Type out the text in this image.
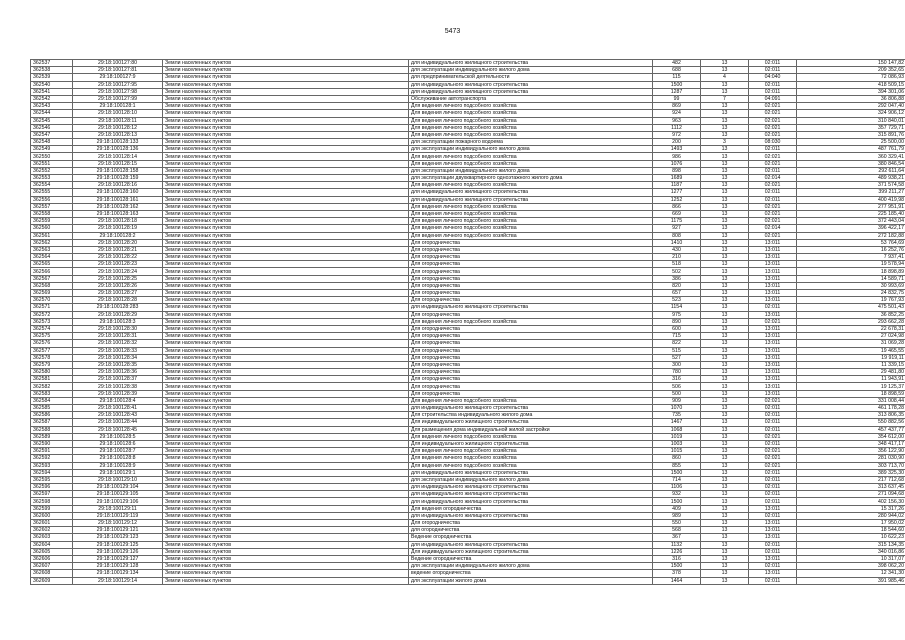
5473
362537	29:18:100127:80	Земли населенных пунктов	для индивидуального жилищного строительства	482	13	02:011	150 147,82
362538	29:18:100127:81	Земли населенных пунктов	для эксплуатации индивидуального жилого дома	688	13	02:011	209 352,65
362539	29:18:100127:9	Земли населенных пунктов	для предпринимательской деятельности	115	4	04:040	72 086,93
362540	29:18:100127:95	Земли населенных пунктов	для индивидуального жилищного строительства	1500	13	02:011	418 509,15
362541	29:18:100127:98	Земли населенных пунктов	для индивидуального жилищного строительства	1287	13	02:011	394 301,06
362542	29:18:100127:99	Земли населенных пунктов	Обслуживание автотранспорта	99	7	04:091	36 806,88
362543	29:18:100128:1	Земли населенных пунктов	Для ведения личного подсобного хозяйства	869	13	02:021	292 047,40
362544	29:18:100128:10	Земли населенных пунктов	Для ведения личного подсобного хозяйства	924	13	02:021	324 906,12
362545	29:18:100128:11	Земли населенных пунктов	Для ведения личного подсобного хозяйства	963	13	02:021	310 840,01
362546	29:18:100128:12	Земли населенных пунктов	Для ведения личного подсобного хозяйства	1112	13	02:021	357 729,71
362547	29:18:100128:13	Земли населенных пунктов	Для ведения личного подсобного хозяйства	972	13	02:021	315 891,76
362548	29:18:100128:133	Земли населенных пунктов	для эксплуатации пожарного водоема	200	3	08:030	25 500,00
362549	29:18:100128:136	Земли населенных пунктов	для эксплуатации индивидуального жилого дома	1493	13	02:011	487 761,79
362550	29:18:100128:14	Земли населенных пунктов	Для ведения личного подсобного хозяйства	986	13	02:021	360 329,41
362551	29:18:100128:15	Земли населенных пунктов	Для ведения личного подсобного хозяйства	1076	13	02:021	380 846,54
362552	29:18:100128:158	Земли населенных пунктов	для эксплуатации индивидуального жилого дома	898	13	02:011	292 611,64
362553	29:18:100128:159	Земли населенных пунктов	для эксплуатации двухквартирного одноэтажного жилого дома	1689	13	02:014	489 938,21
362554	29:18:100128:16	Земли населенных пунктов	Для ведения личного подсобного хозяйства	1187	13	02:021	371 574,58
362555	29:18:100128:160	Земли населенных пунктов	для индивидуального жилищного строительства	1277	13	02:011	399 211,27
362556	29:18:100128:161	Земли населенных пунктов	для индивидуального жилищного строительства	1252	13	02:011	400 419,98
362557	29:18:100128:162	Земли населенных пунктов	Для ведения личного подсобного хозяйства	866	13	02:021	277 951,91
362558	29:18:100128:163	Земли населенных пунктов	Для ведения личного подсобного хозяйства	669	13	02:021	225 185,40
362559	29:18:100128:18	Земли населенных пунктов	Для ведения личного подсобного хозяйства	1175	13	02:021	372 443,04
362560	29:18:100128:19	Земли населенных пунктов	Для ведения личного подсобного хозяйства	927	13	02:014	396 422,17
362561	29:18:100128:2	Земли населенных пунктов	Для ведения личного подсобного хозяйства	808	13	02:021	272 182,88
362562	29:18:100128:20	Земли населенных пунктов	Для огородничества	1410	13	13:011	53 764,69
362563	29:18:100128:21	Земли населенных пунктов	Для огородничества	430	13	13:011	16 252,76
362564	29:18:100128:22	Земли населенных пунктов	Для огородничества	210	13	13:011	7 937,41
362565	29:18:100128:23	Земли населенных пунктов	Для огородничества	518	13	13:011	19 578,94
362566	29:18:100128:24	Земли населенных пунктов	Для огородничества	502	13	13:011	18 898,89
362567	29:18:100128:25	Земли населенных пунктов	Для огородничества	386	13	13:011	14 589,71
362568	29:18:100128:26	Земли населенных пунктов	Для огородничества	820	13	13:011	30 993,69
362569	29:18:100128:27	Земли населенных пунктов	Для огородничества	657	13	13:011	24 832,75
362570	29:18:100128:28	Земли населенных пунктов	Для огородничества	523	13	13:011	19 767,93
362571	29:18:100128:283	Земли населенных пунктов	для индивидуального жилищного строительства	1154	13	02:011	475 501,43
362572	29:18:100128:29	Земли населенных пунктов	Для огородничества	975	13	13:011	36 852,25
362573	29:18:100128:3	Земли населенных пунктов	Для ведения личного подсобного хозяйства	890	13	02:021	293 662,28
362574	29:18:100128:30	Земли населенных пунктов	Для огородничества	600	13	13:011	22 678,31
362575	29:18:100128:31	Земли населенных пунктов	Для огородничества	715	13	13:011	27 024,98
362576	29:18:100128:32	Земли населенных пунктов	Для огородничества	822	13	13:011	31 069,28
362577	29:18:100128:33	Земли населенных пунктов	Для огородничества	515	13	13:011	19 465,55
362578	29:18:100128:34	Земли населенных пунктов	Для огородничества	527	13	13:011	19 919,11
362579	29:18:100128:35	Земли населенных пунктов	Для огородничества	300	13	13:011	11 339,15
362580	29:18:100128:36	Земли населенных пунктов	Для огородничества	780	13	13:011	29 481,80
362581	29:18:100128:37	Земли населенных пунктов	Для огородничества	316	13	13:011	11 943,91
362582	29:18:100128:38	Земли населенных пунктов	Для огородничества	506	13	13:011	19 125,37
362583	29:18:100128:39	Земли населенных пунктов	Для огородничества	500	13	13:011	18 898,59
362584	29:18:100128:4	Земли населенных пунктов	Для ведения личного подсобного хозяйства	909	13	02:021	331 008,44
362585	29:18:100128:41	Земли населенных пунктов	для индивидуального жилищного строительства	1070	13	02:011	461 178,28
362586	29:18:100128:43	Земли населенных пунктов	Для строительства индивидуального жилого дома	735	13	02:011	313 806,35
362587	29:18:100128:44	Земли населенных пунктов	Для индивидуального жилищного строительства	1467	13	02:011	550 882,56
362588	29:18:100128:45	Земли населенных пунктов	Для размещения дома индивидуальной жилой застройки	1068	13	02:011	457 437,77
362589	29:18:100128:5	Земли населенных пунктов	Для ведения личного подсобного хозяйства	1019	13	02:021	354 612,00
362590	29:18:100128:6	Земли населенных пунктов	Для индивидуального жилищного строительства	1003	13	02:011	348 417,17
362591	29:18:100128:7	Земли населенных пунктов	Для ведения личного подсобного хозяйства	1015	13	02:021	356 122,90
362592	29:18:100128:8	Земли населенных пунктов	Для ведения личного подсобного хозяйства	860	13	02:021	281 030,90
362593	29:18:100128:9	Земли населенных пунктов	Для ведения личного подсобного хозяйства	855	13	02:021	303 713,70
362594	29:18:100129:1	Земли населенных пунктов	для индивидуального жилищного строительства	1500	13	02:011	389 325,30
362595	29:18:100129:10	Земли населенных пунктов	для эксплуатации индивидуального жилого дома	714	13	02:011	217 712,68
362596	29:18:100129:104	Земли населенных пунктов	для индивидуального жилищного строительства	1106	13	02:011	313 637,45
362597	29:18:100129:105	Земли населенных пунктов	для индивидуального жилищного строительства	932	13	02:011	271 094,68
362598	29:18:100129:106	Земли населенных пунктов	для индивидуального жилищного строительства	1500	13	02:011	402 156,30
362599	29:18:100129:11	Земли населенных пунктов	Для ведения огородничества	409	13	13:011	15 317,26
362600	29:18:100129:119	Земли населенных пунктов	для индивидуального жилищного строительства	989	13	02:011	280 944,02
362601	29:18:100129:12	Земли населенных пунктов	Для огородничества	550	13	13:011	17 950,02
362602	29:18:100129:121	Земли населенных пунктов	для огородничества	568	13	13:011	18 544,60
362603	29:18:100129:123	Земли населенных пунктов	Ведение огородничества	367	13	13:011	10 622,23
362604	29:18:100129:125	Земли населенных пунктов	для индивидуального жилищного строительства	1132	13	02:011	315 134,35
362605	29:18:100129:126	Земли населенных пунктов	Для индивидуального жилищного строительства	1226	13	02:011	340 016,86
362606	29:18:100129:127	Земли населенных пунктов	Ведение огородничества	316	13	13:011	10 317,07
362607	29:18:100129:128	Земли населенных пунктов	для эксплуатации индивидуального жилого дома	1500	13	02:011	398 062,20
362608	29:18:100129:134	Земли населенных пунктов	ведение огородничества	378	13	13:011	12 341,30
362609	29:18:100129:14	Земли населенных пунктов	для эксплуатации жилого дома	1464	13	02:011	391 985,46
